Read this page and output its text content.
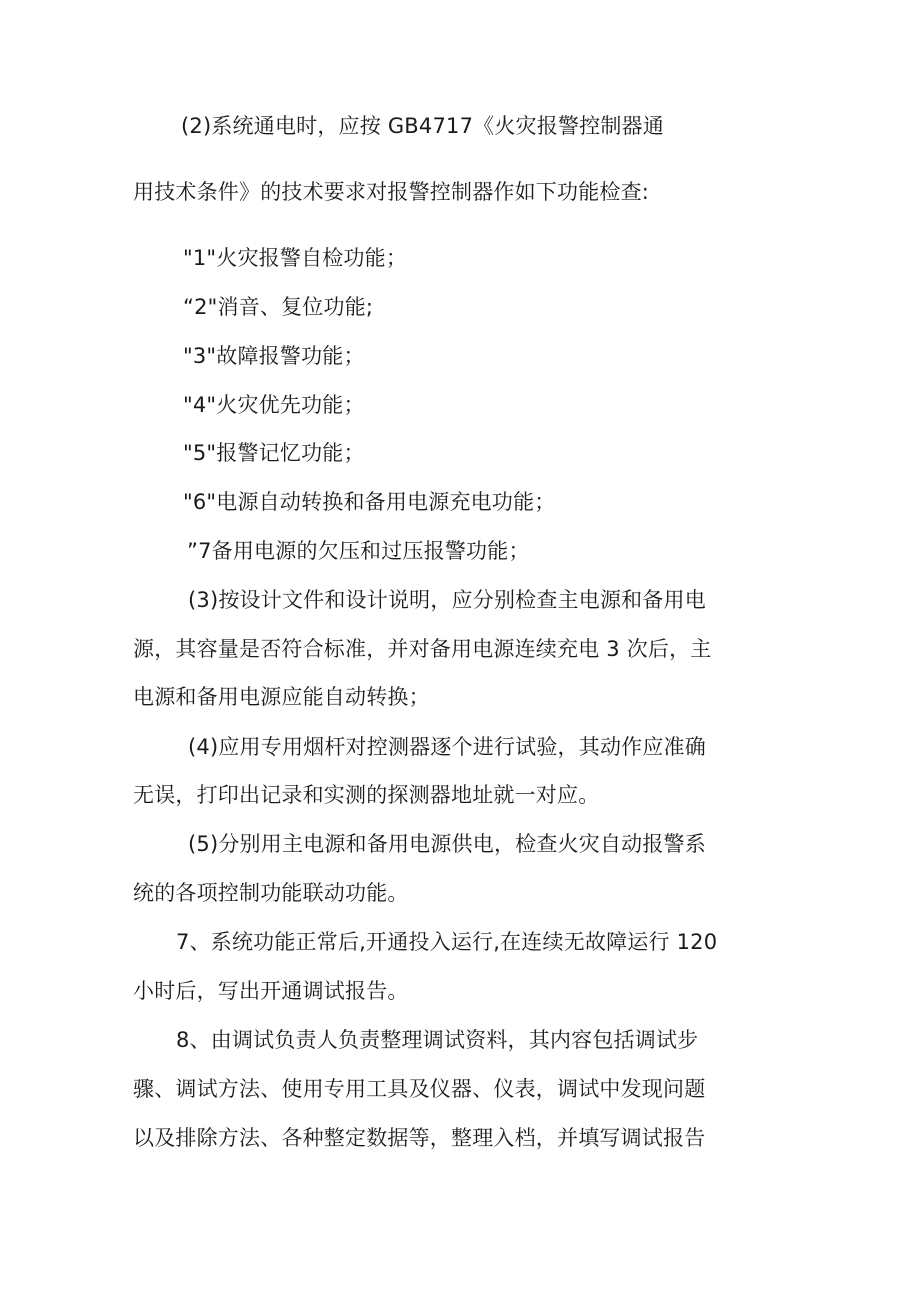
(2)系统通电时，应按 GB4717《火灾报警控制器通
用技术条件》的技术要求对报警控制器作如下功能检查:
"1"火灾报警自检功能；
“2"消音、复位功能;
"3"故障报警功能；
"4"火灾优先功能；
"5"报警记忆功能；
"6"电源自动转换和备用电源充电功能；
”7备用电源的欠压和过压报警功能；
(3)按设计文件和设计说明，应分别检查主电源和备用电
源，其容量是否符合标准，并对备用电源连续充电 3 次后，主
电源和备用电源应能自动转换；
(4)应用专用烟杆对控测器逐个进行试验，其动作应准确
无误，打印出记录和实测的探测器地址就一对应。
(5)分别用主电源和备用电源供电，检查火灾自动报警系
统的各项控制功能联动功能。
7、系统功能正常后,开通投入运行,在连续无故障运行 120
小时后，写出开通调试报告。
8、由调试负责人负责整理调试资料，其内容包括调试步
骤、调试方法、使用专用工具及仪器、仪表，调试中发现问题
以及排除方法、各种整定数据等，整理入档，并填写调试报告
